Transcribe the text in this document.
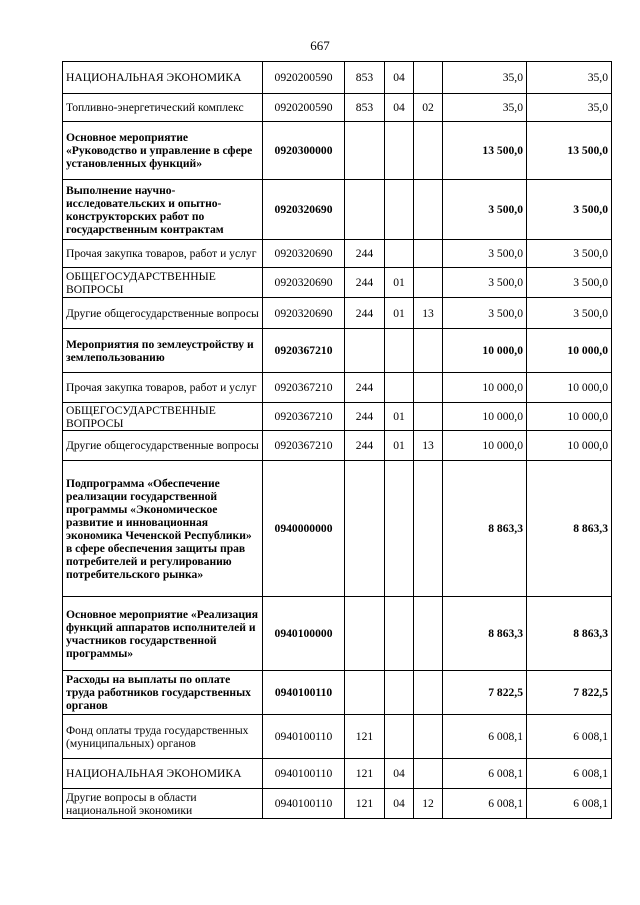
667
НАЦИОНАЛЬНАЯ ЭКОНОМИКА	0920200590	853	04		35,0	35,0
Топливно-энергетический комплекс	0920200590	853	04	02	35,0	35,0
Основное мероприятие «Руководство и управление в сфере установленных функций»	0920300000				13 500,0	13 500,0
Выполнение научно-исследовательских и опытно-конструкторских работ по государственным контрактам	0920320690				3 500,0	3 500,0
Прочая закупка товаров, работ и услуг	0920320690	244			3 500,0	3 500,0
ОБЩЕГОСУДАРСТВЕННЫЕ ВОПРОСЫ	0920320690	244	01		3 500,0	3 500,0
Другие общегосударственные вопросы	0920320690	244	01	13	3 500,0	3 500,0
Мероприятия по землеустройству и землепользованию	0920367210				10 000,0	10 000,0
Прочая закупка товаров, работ и услуг	0920367210	244			10 000,0	10 000,0
ОБЩЕГОСУДАРСТВЕННЫЕ ВОПРОСЫ	0920367210	244	01		10 000,0	10 000,0
Другие общегосударственные вопросы	0920367210	244	01	13	10 000,0	10 000,0
Подпрограмма «Обеспечение реализации государственной программы «Экономическое развитие и инновационная экономика Чеченской Республики» в сфере обеспечения защиты прав потребителей и регулированию потребительского рынка»	0940000000				8 863,3	8 863,3
Основное мероприятие «Реализация функций аппаратов исполнителей и участников государственной программы»	0940100000				8 863,3	8 863,3
Расходы на выплаты по оплате труда работников государственных органов	0940100110				7 822,5	7 822,5
Фонд оплаты труда государственных (муниципальных) органов	0940100110	121			6 008,1	6 008,1
НАЦИОНАЛЬНАЯ ЭКОНОМИКА	0940100110	121	04		6 008,1	6 008,1
Другие вопросы в области национальной экономики	0940100110	121	04	12	6 008,1	6 008,1
